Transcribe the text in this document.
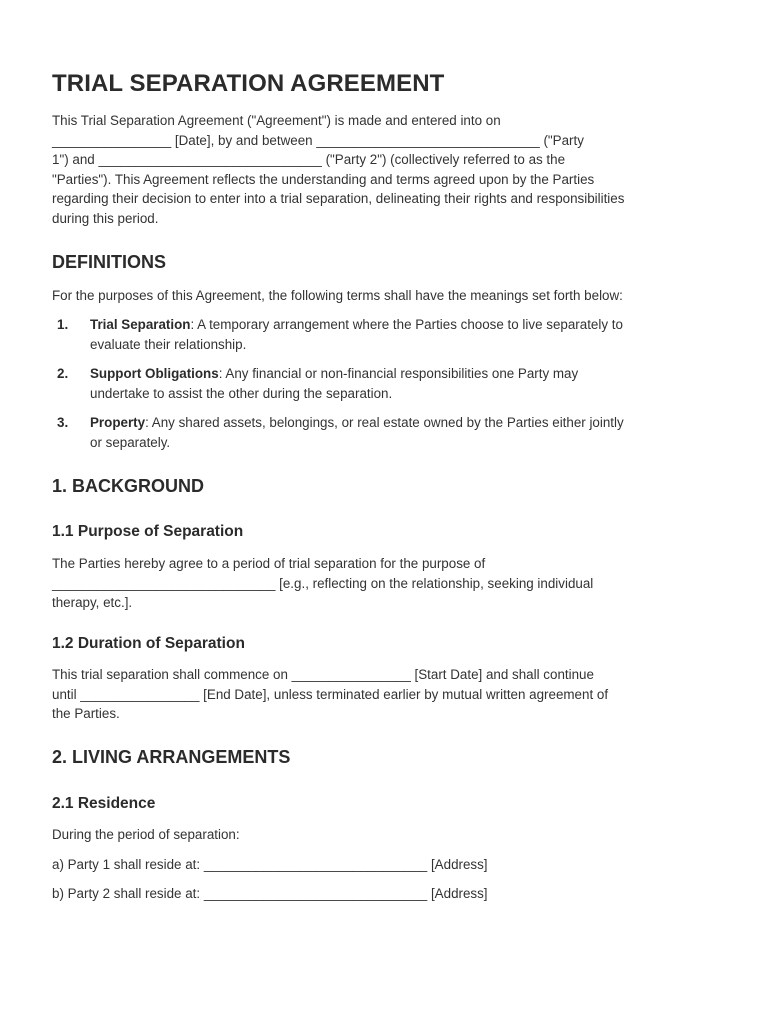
TRIAL SEPARATION AGREEMENT
This Trial Separation Agreement ("Agreement") is made and entered into on
________________ [Date], by and between ______________________________ ("Party
1") and ______________________________ ("Party 2") (collectively referred to as the
"Parties"). This Agreement reflects the understanding and terms agreed upon by the Parties
regarding their decision to enter into a trial separation, delineating their rights and responsibilities
during this period.
DEFINITIONS
For the purposes of this Agreement, the following terms shall have the meanings set forth below:
1. Trial Separation: A temporary arrangement where the Parties choose to live separately to
evaluate their relationship.
2. Support Obligations: Any financial or non-financial responsibilities one Party may
undertake to assist the other during the separation.
3. Property: Any shared assets, belongings, or real estate owned by the Parties either jointly
or separately.
1. BACKGROUND
1.1 Purpose of Separation
The Parties hereby agree to a period of trial separation for the purpose of
______________________________ [e.g., reflecting on the relationship, seeking individual
therapy, etc.].
1.2 Duration of Separation
This trial separation shall commence on ________________ [Start Date] and shall continue
until ________________ [End Date], unless terminated earlier by mutual written agreement of
the Parties.
2. LIVING ARRANGEMENTS
2.1 Residence
During the period of separation:
a) Party 1 shall reside at: ______________________________ [Address]
b) Party 2 shall reside at: ______________________________ [Address]
